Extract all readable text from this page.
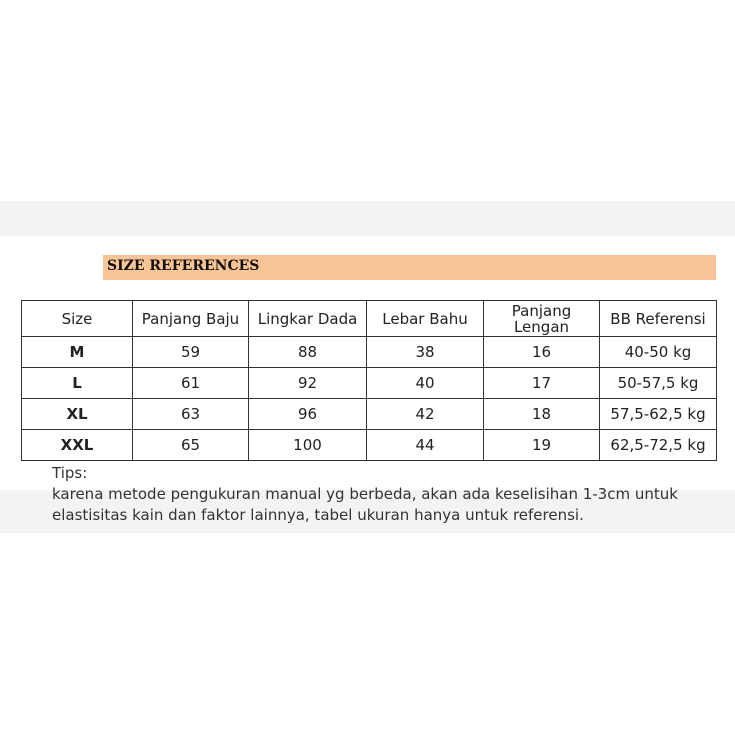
SIZE REFERENCES
Size	Panjang Baju	Lingkar Dada	Lebar Bahu	Panjang Lengan	BB Referensi
M	59	88	38	16	40-50 kg
L	61	92	40	17	50-57,5 kg
XL	63	96	42	18	57,5-62,5 kg
XXL	65	100	44	19	62,5-72,5 kg
Tips:
karena metode pengukuran manual yg berbeda, akan ada keselisihan 1-3cm untuk elastisitas kain dan faktor lainnya, tabel ukuran hanya untuk referensi.
